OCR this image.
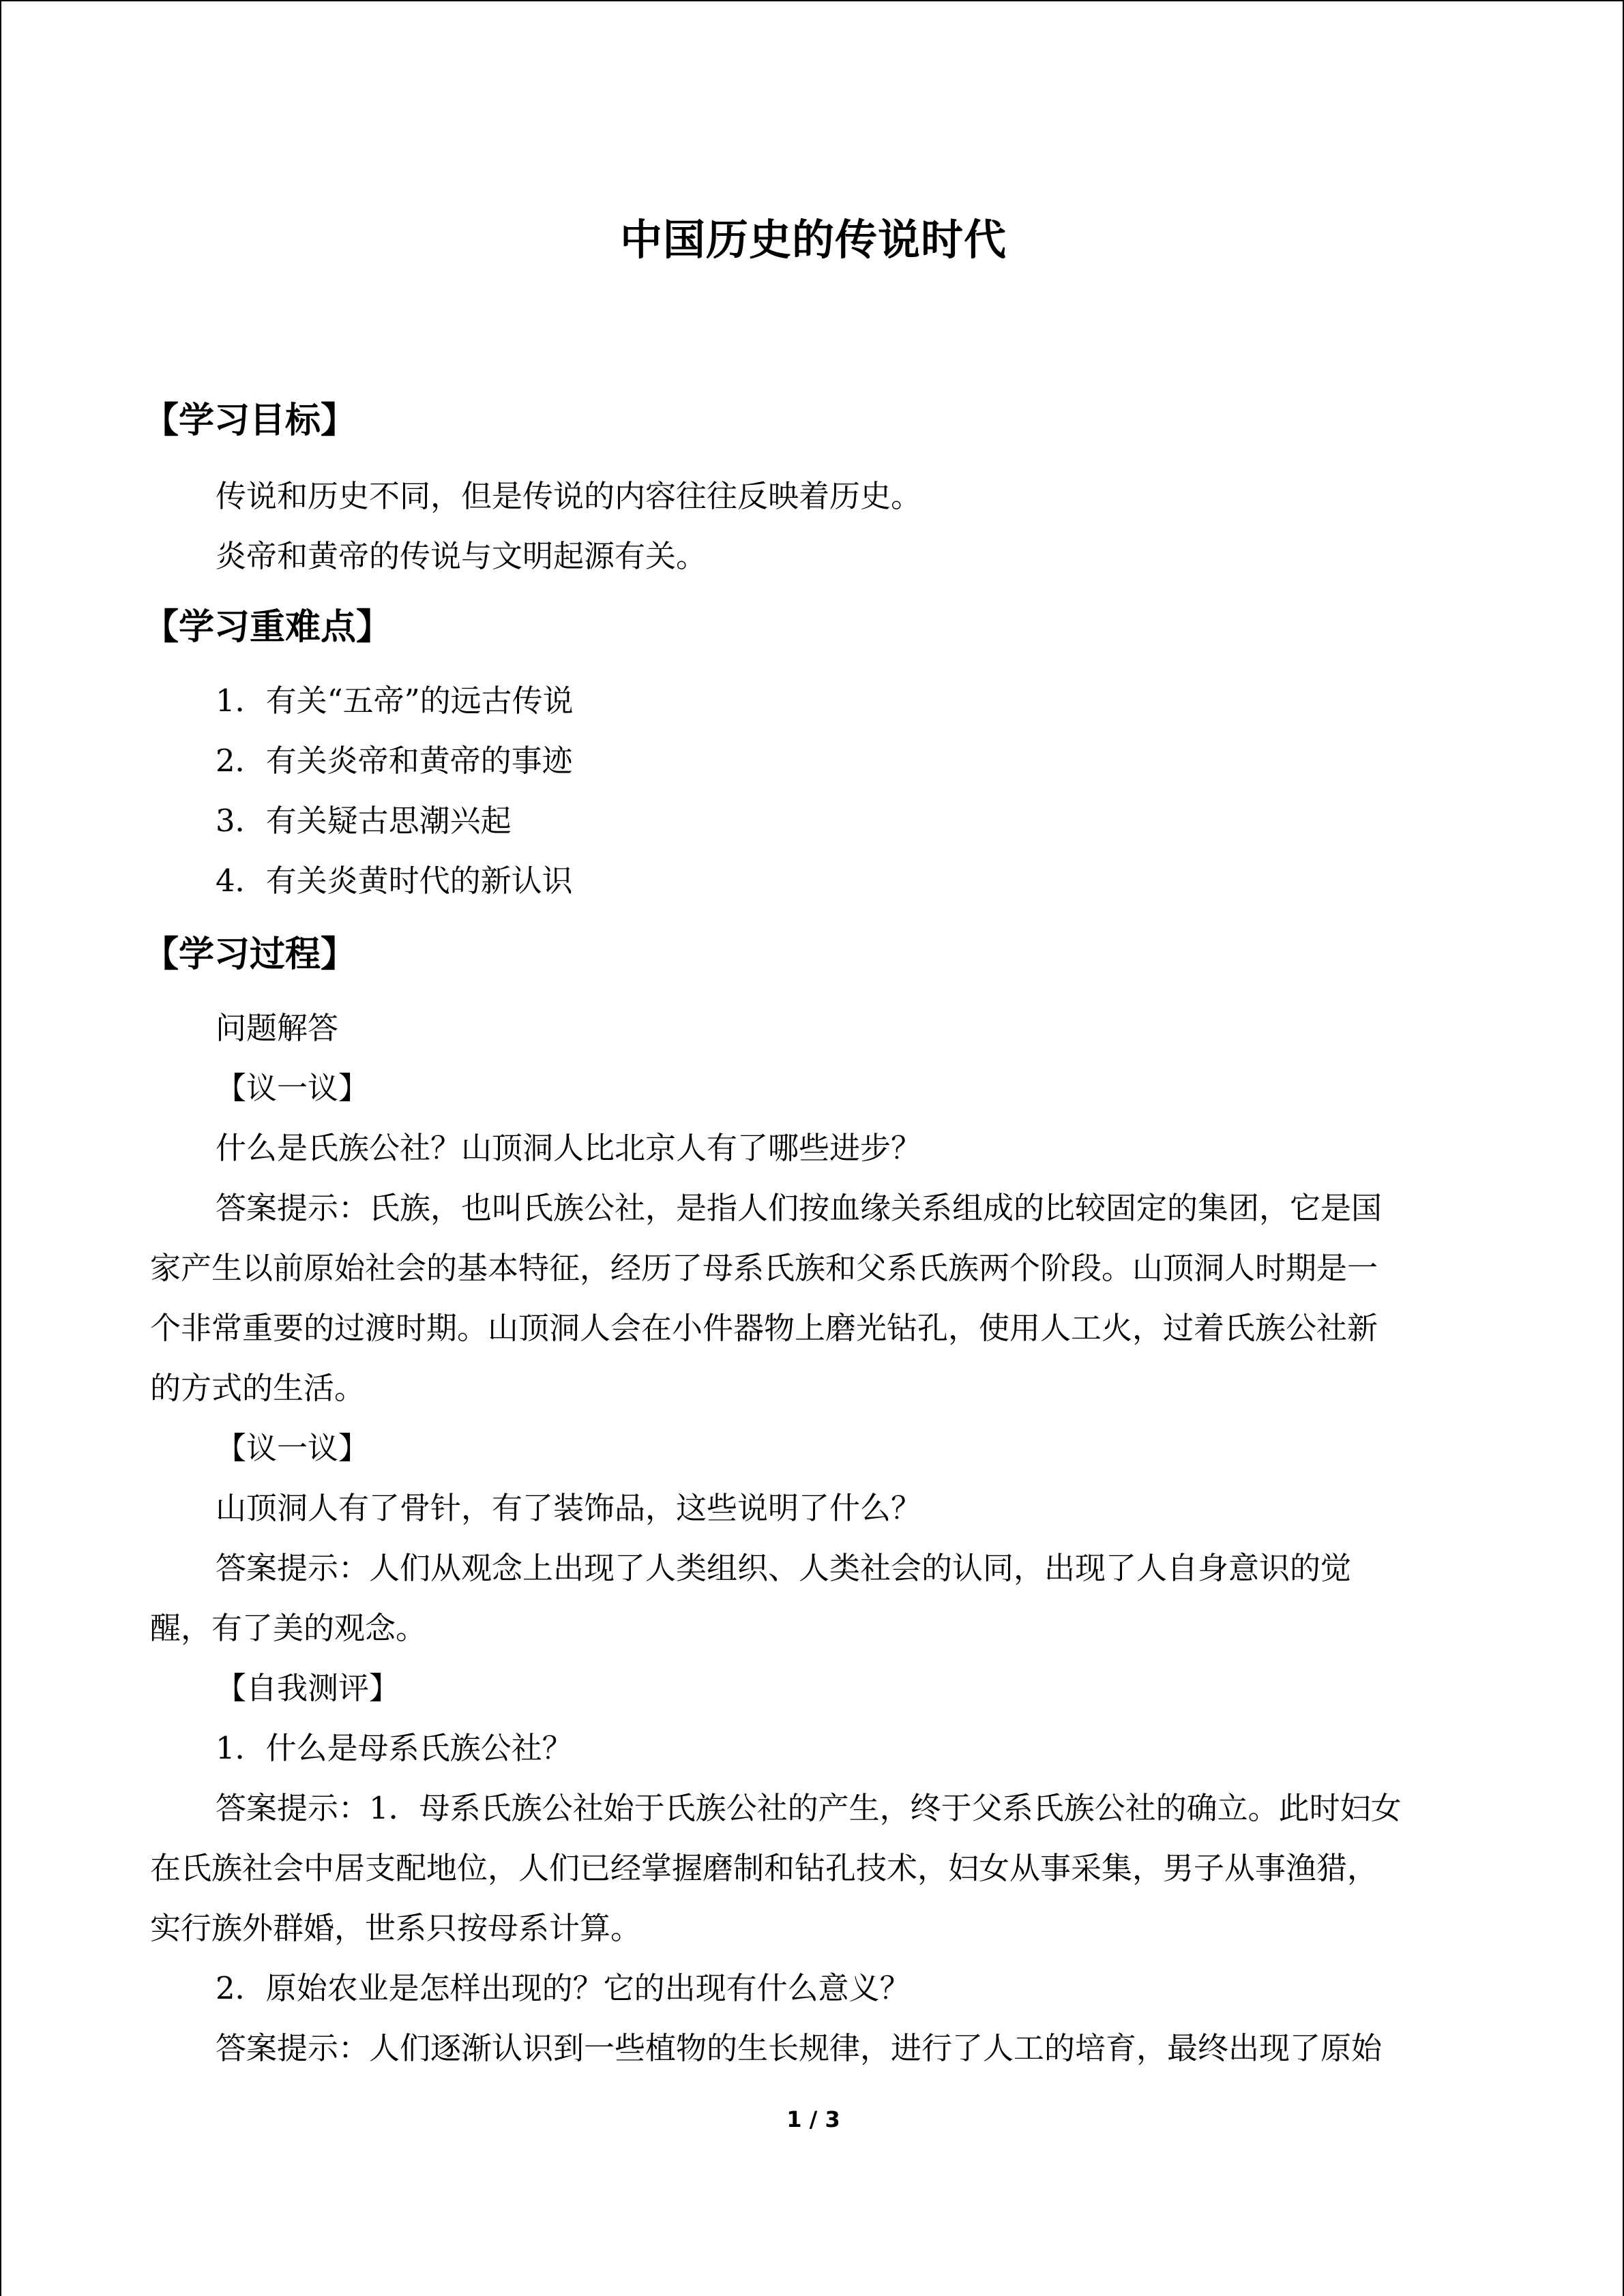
中国历史的传说时代
【学习目标】
传说和历史不同，但是传说的内容往往反映着历史。
炎帝和黄帝的传说与文明起源有关。
【学习重难点】
1．有关“五帝”的远古传说
2．有关炎帝和黄帝的事迹
3．有关疑古思潮兴起
4．有关炎黄时代的新认识
【学习过程】
问题解答
【议一议】
什么是氏族公社？山顶洞人比北京人有了哪些进步？
答案提示：氏族，也叫氏族公社，是指人们按血缘关系组成的比较固定的集团，它是国
家产生以前原始社会的基本特征，经历了母系氏族和父系氏族两个阶段。山顶洞人时期是一
个非常重要的过渡时期。山顶洞人会在小件器物上磨光钻孔，使用人工火，过着氏族公社新
的方式的生活。
【议一议】
山顶洞人有了骨针，有了装饰品，这些说明了什么？
答案提示：人们从观念上出现了人类组织、人类社会的认同，出现了人自身意识的觉
醒，有了美的观念。
【自我测评】
1．什么是母系氏族公社？
答案提示：1．母系氏族公社始于氏族公社的产生，终于父系氏族公社的确立。此时妇女
在氏族社会中居支配地位，人们已经掌握磨制和钻孔技术，妇女从事采集，男子从事渔猎，
实行族外群婚，世系只按母系计算。
2．原始农业是怎样出现的？它的出现有什么意义？
答案提示：人们逐渐认识到一些植物的生长规律，进行了人工的培育，最终出现了原始
1 / 3
